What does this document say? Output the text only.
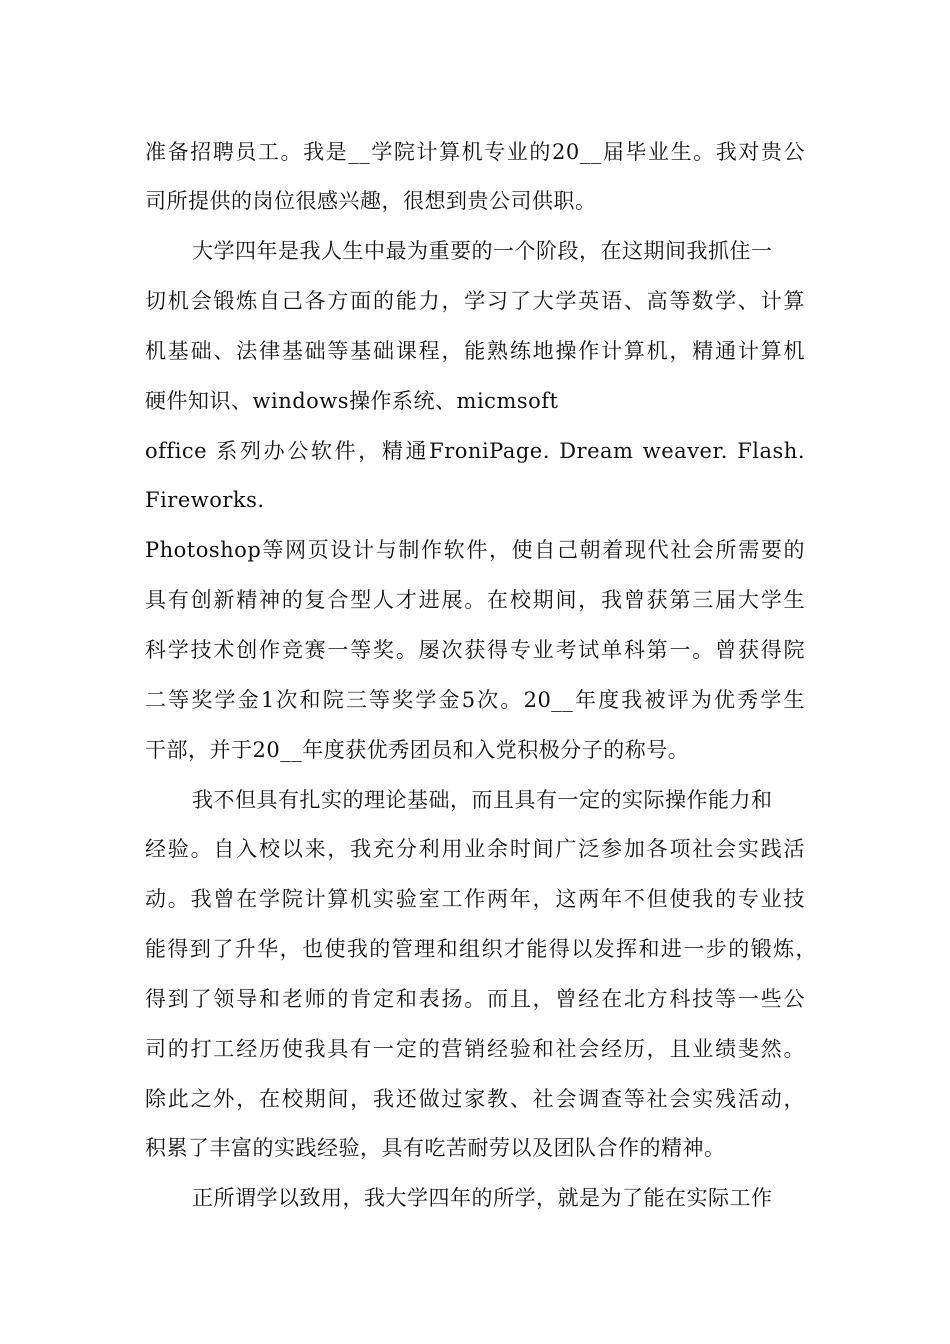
准备招聘员工。我是__学院计算机专业的20__届毕业生。我对贵公
司所提供的岗位很感兴趣，很想到贵公司供职。
大学四年是我人生中最为重要的一个阶段，在这期间我抓住一
切机会锻炼自己各方面的能力，学习了大学英语、高等数学、计算
机基础、法律基础等基础课程，能熟练地操作计算机，精通计算机
硬件知识、windows操作系统、micmsoft
office 系列办公软件，精通FroniPage. Dream weaver. Flash.
Fireworks.
Photoshop等网页设计与制作软件，使自己朝着现代社会所需要的
具有创新精神的复合型人才进展。在校期间，我曾获第三届大学生
科学技术创作竞赛一等奖。屡次获得专业考试单科第一。曾获得院
二等奖学金1次和院三等奖学金5次。20__年度我被评为优秀学生
干部，并于20__年度获优秀团员和入党积极分子的称号。
我不但具有扎实的理论基础，而且具有一定的实际操作能力和
经验。自入校以来，我充分利用业余时间广泛参加各项社会实践活
动。我曾在学院计算机实验室工作两年，这两年不但使我的专业技
能得到了升华，也使我的管理和组织才能得以发挥和进一步的锻炼，
得到了领导和老师的肯定和表扬。而且，曾经在北方科技等一些公
司的打工经历使我具有一定的营销经验和社会经历，且业绩斐然。
除此之外，在校期间，我还做过家教、社会调查等社会实残活动，
积累了丰富的实践经验，具有吃苦耐劳以及团队合作的精神。
正所谓学以致用，我大学四年的所学，就是为了能在实际工作
